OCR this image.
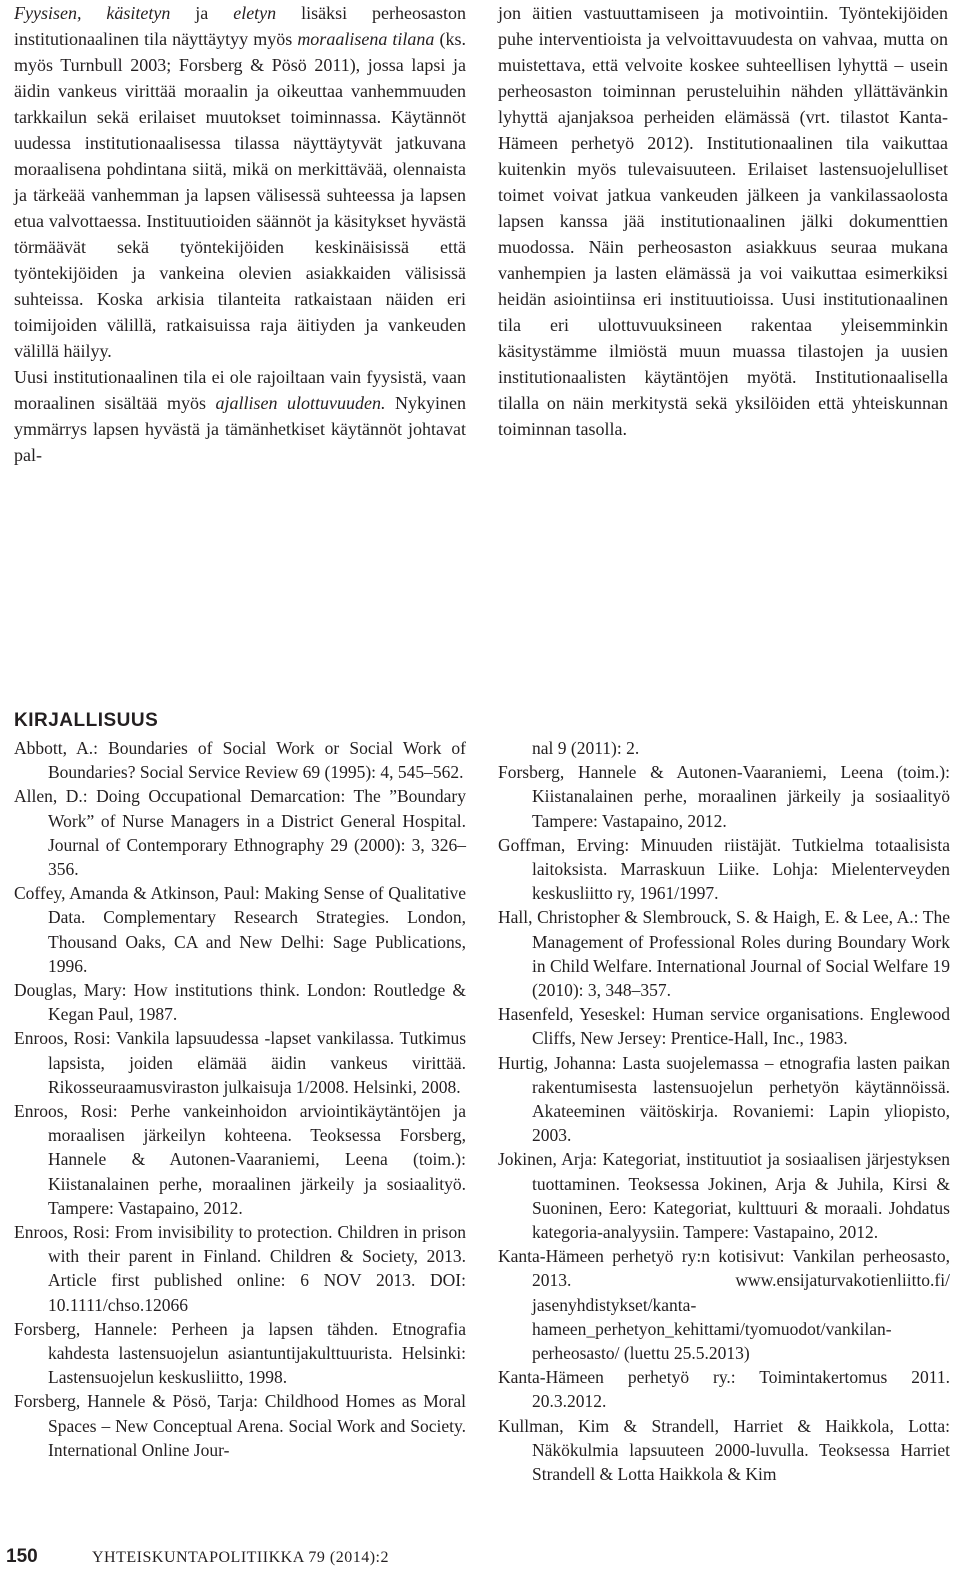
Fyysisen, käsitetyn ja eletyn lisäksi perheosaston institutionaalinen tila näyttäytyy myös moraalisena tilana (ks. myös Turnbull 2003; Forsberg & Pösö 2011), jossa lapsi ja äidin vankeus virittää moraalin ja oikeuttaa vanhemmuuden tarkkailun sekä erilaiset muutokset toiminnassa. Käytännöt uudessa institutionaalisessa tilassa näyttäytyvät jatkuvana moraalisena pohdintana siitä, mikä on merkittävää, olennaista ja tärkeää vanhemman ja lapsen välisessä suhteessa ja lapsen etua valvottaessa. Instituutioiden säännöt ja käsitykset hyvästä törmäävät sekä työntekijöiden keskinäisissä että työntekijöiden ja vankeina olevien asiakkaiden välisissä suhteissa. Koska arkisia tilanteita ratkaistaan näiden eri toimijoiden välillä, ratkaisuissa raja äitiyden ja vankeuden välillä häilyy.

Uusi institutionaalinen tila ei ole rajoiltaan vain fyysistä, vaan moraalinen sisältää myös ajallisen ulottuvuuden. Nykyinen ymmärrys lapsen hyvästä ja tämänhetkiset käytännöt johtavat pal-

jon äitien vastuuttamiseen ja motivointiin. Työntekijöiden puhe interventioista ja velvoittavuudesta on vahvaa, mutta on muistettava, että velvoite koskee suhteellisen lyhyttä – usein perheosaston toiminnan perusteluihin nähden yllättävänkin lyhyttä ajanjaksoa perheiden elämässä (vrt. tilastot Kanta-Hämeen perhetyö 2012). Institutionaalinen tila vaikuttaa kuitenkin myös tulevaisuuteen. Erilaiset lastensuojelulliset toimet voivat jatkua vankeuden jälkeen ja vankilassaolosta lapsen kanssa jää institutionaalinen jälki dokumenttien muodossa. Näin perheosaston asiakkuus seuraa mukana vanhempien ja lasten elämässä ja voi vaikuttaa esimerkiksi heidän asiointiinsa eri instituutioissa. Uusi institutionaalinen tila eri ulottuvuuksineen rakentaa yleisemminkin käsitystämme ilmiöstä muun muassa tilastojen ja uusien institutionaalisten käytäntöjen myötä. Institutionaalisella tilalla on näin merkitystä sekä yksilöiden että yhteiskunnan toiminnan tasolla.

KIRJALLISUUS
Abbott, A.: Boundaries of Social Work or Social Work of Boundaries? Social Service Review 69 (1995): 4, 545–562.
Allen, D.: Doing Occupational Demarcation: The ”Boundary Work” of Nurse Managers in a District General Hospital. Journal of Contemporary Ethnography 29 (2000): 3, 326–356.
Coffey, Amanda & Atkinson, Paul: Making Sense of Qualitative Data. Complementary Research Strategies. London, Thousand Oaks, CA and New Delhi: Sage Publications, 1996.
Douglas, Mary: How institutions think. London: Routledge & Kegan Paul, 1987.
Enroos, Rosi: Vankila lapsuudessa -lapset vankilassa. Tutkimus lapsista, joiden elämää äidin vankeus virittää. Rikosseuraamusviraston julkaisuja 1/2008. Helsinki, 2008.
Enroos, Rosi: Perhe vankeinhoidon arviointikäytäntöjen ja moraalisen järkeilyn kohteena. Teoksessa Forsberg, Hannele & Autonen-Vaaraniemi, Leena (toim.): Kiistanalainen perhe, moraalinen järkeily ja sosiaalityö. Tampere: Vastapaino, 2012.
Enroos, Rosi: From invisibility to protection. Children in prison with their parent in Finland. Children & Society, 2013. Article first published online: 6 NOV 2013. DOI: 10.1111/chso.12066
Forsberg, Hannele: Perheen ja lapsen tähden. Etnografia kahdesta lastensuojelun asiantuntijakulttuurista. Helsinki: Lastensuojelun keskusliitto, 1998.
Forsberg, Hannele & Pösö, Tarja: Childhood Homes as Moral Spaces – New Conceptual Arena. Social Work and Society. International Online Jour-
nal 9 (2011): 2.
Forsberg, Hannele & Autonen-Vaaraniemi, Leena (toim.): Kiistanalainen perhe, moraalinen järkeily ja sosiaalityö Tampere: Vastapaino, 2012.
Goffman, Erving: Minuuden riistäjät. Tutkielma totaalisista laitoksista. Marraskuun Liike. Lohja: Mielenterveyden keskusliitto ry, 1961/1997.
Hall, Christopher & Slembrouck, S. & Haigh, E. & Lee, A.: The Management of Professional Roles during Boundary Work in Child Welfare. International Journal of Social Welfare 19 (2010): 3, 348–357.
Hasenfeld, Yeseskel: Human service organisations. Englewood Cliffs, New Jersey: Prentice-Hall, Inc., 1983.
Hurtig, Johanna: Lasta suojelemassa – etnografia lasten paikan rakentumisesta lastensuojelun perhetyön käytännöissä. Akateeminen väitöskirja. Rovaniemi: Lapin yliopisto, 2003.
Jokinen, Arja: Kategoriat, instituutiot ja sosiaalisen järjestyksen tuottaminen. Teoksessa Jokinen, Arja & Juhila, Kirsi & Suoninen, Eero: Kategoriat, kulttuuri & moraali. Johdatus kategoria-analyysiin. Tampere: Vastapaino, 2012.
Kanta-Hämeen perhetyö ry:n kotisivut: Vankilan perheosasto, 2013. www.ensijaturvakotienliitto.fi/ jasenyhdistykset/kanta-hameen_perhetyon_kehittami/tyomuodot/vankilan-perheosasto/ (luettu 25.5.2013)
Kanta-Hämeen perhetyö ry.: Toimintakertomus 2011. 20.3.2012.
Kullman, Kim & Strandell, Harriet & Haikkola, Lotta: Näkökulmia lapsuuteen 2000-luvulla. Teoksessa Harriet Strandell & Lotta Haikkola & Kim
150	YHTEISKUNTAPOLITIIKKA 79 (2014):2
